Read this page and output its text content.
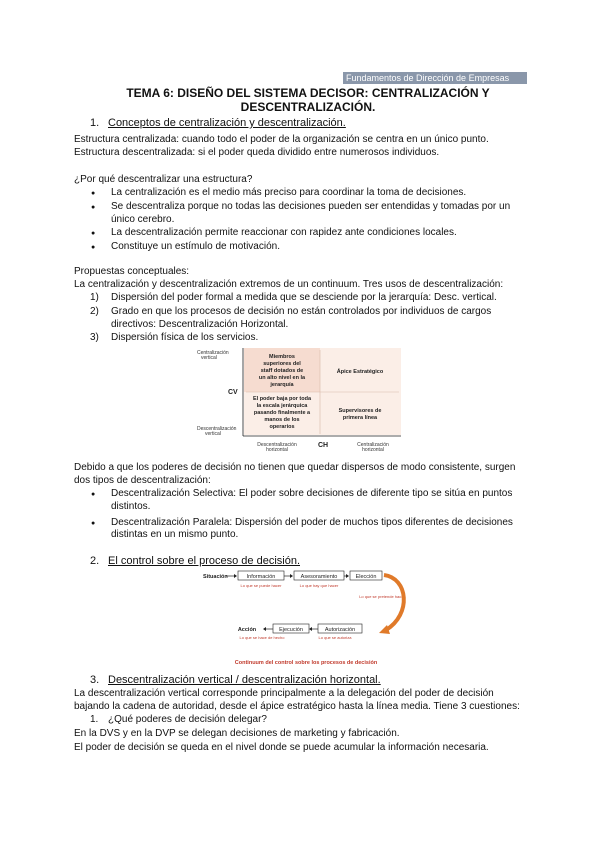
Fundamentos de Dirección de Empresas
TEMA 6: DISEÑO DEL SISTEMA DECISOR: CENTRALIZACIÓN Y DESCENTRALIZACIÓN.
1. Conceptos de centralización y descentralización.
Estructura centralizada: cuando todo el poder de la organización se centra en un único punto.
Estructura descentralizada: si el poder queda dividido entre numerosos individuos.
¿Por qué descentralizar una estructura?
● La centralización es el medio más preciso para coordinar la toma de decisiones.
● Se descentraliza porque no todas las decisiones pueden ser entendidas y tomadas por un único cerebro.
● La descentralización permite reaccionar con rapidez ante condiciones locales.
● Constituye un estímulo de motivación.
Propuestas conceptuales:
La centralización y descentralización extremos de un continuum. Tres usos de descentralización:
1) Dispersión del poder formal a medida que se desciende por la jerarquía: Desc. vertical.
2) Grado en que los procesos de decisión no están controlados por individuos de cargos directivos: Descentralización Horizontal.
3) Dispersión física de los servicios.
Centralización vertical
CV
Descentralización vertical
Miembros superiores del staff dotados de un alto nivel en la jerarquía
Ápice Estratégico
El poder baja por toda la escala jerárquica pasando finalmente a manos de los operarios
Supervisores de primera línea
Descentralización horizontal
CH	Centralización horizontal
Debido a que los poderes de decisión no tienen que quedar dispersos de modo consistente, surgen dos tipos de descentralización:
● Descentralización Selectiva: El poder sobre decisiones de diferente tipo se sitúa en puntos distintos.
● Descentralización Paralela: Dispersión del poder de muchos tipos diferentes de decisiones distintas en un mismo punto.
2. El control sobre el proceso de decisión.
Situación	Información	Asesoramiento	Elección
Lo que se puede hacer	Lo que hay que hacer
Lo que se pretende hacer
Autorización
Ejecución
Acción
Lo que se hace de hecho	Lo que se autoriza
Continuum del control sobre los procesos de decisión
3. Descentralización vertical / descentralización horizontal.
La descentralización vertical corresponde principalmente a la delegación del poder de decisión bajando la cadena de autoridad, desde el ápice estratégico hasta la línea media. Tiene 3 cuestiones:
1. ¿Qué poderes de decisión delegar?
En la DVS y en la DVP se delegan decisiones de marketing y fabricación.
El poder de decisión se queda en el nivel donde se puede acumular la información necesaria.
